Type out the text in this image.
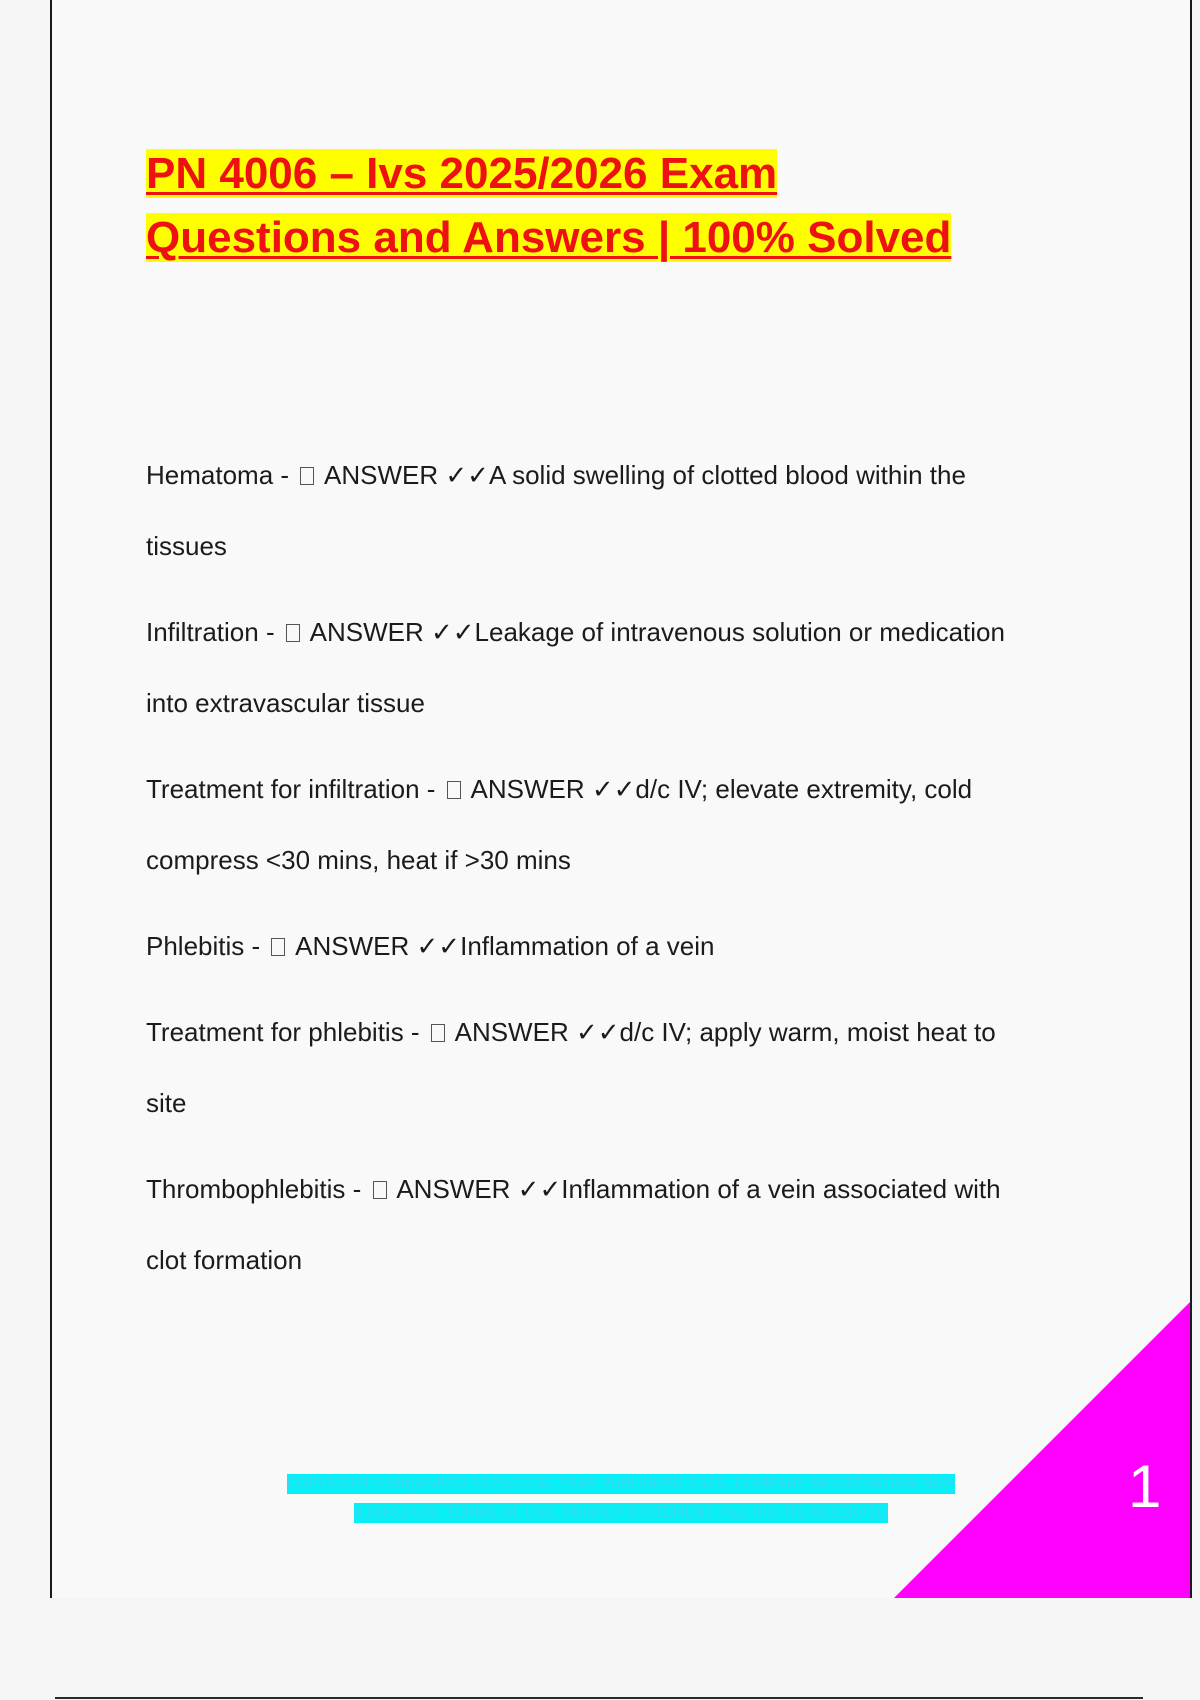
PN 4006 – Ivs 2025/2026 Exam
Questions and Answers | 100% Solved
Hematoma -  ANSWER ✓✓A solid swelling of clotted blood within the
tissues
Infiltration -  ANSWER ✓✓Leakage of intravenous solution or medication
into extravascular tissue
Treatment for infiltration -  ANSWER ✓✓d/c IV; elevate extremity, cold
compress <30 mins, heat if >30 mins
Phlebitis -  ANSWER ✓✓Inflammation of a vein
Treatment for phlebitis -  ANSWER ✓✓d/c IV; apply warm, moist heat to
site
Thrombophlebitis -  ANSWER ✓✓Inflammation of a vein associated with
clot formation
COPYRIGHT©NINJANERD 2025/2026. YEAR PUBLISHED 2025. COMPANY REGISTRATION NUM
619652435. TERMS OF USE. PRIVACY STATEMENT. ALL RIGHTS RESERVED	1
